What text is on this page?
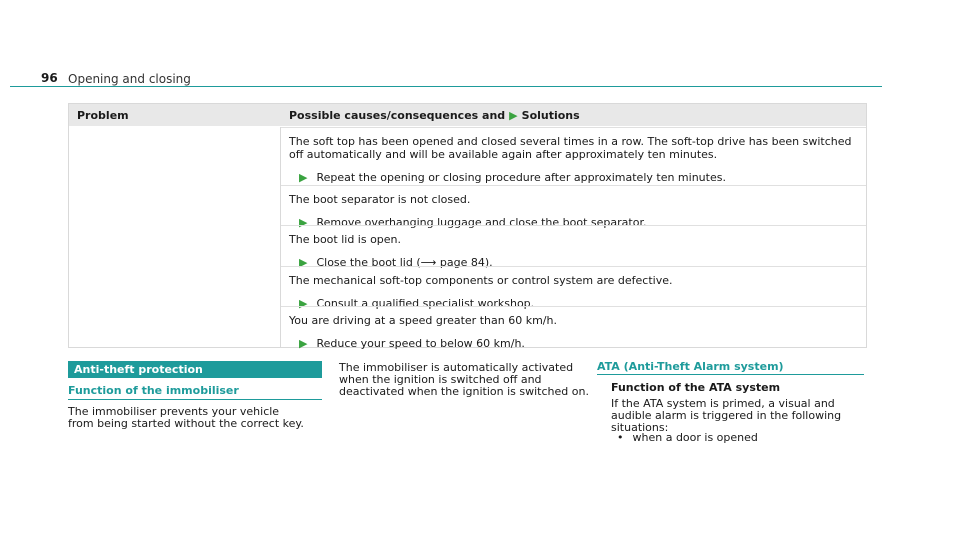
96 Opening and closing
Problem	Possible causes/consequences and ▶ Solutions

The soft top has been opened and closed several times in a row. The soft-top drive has been switched off automatically and will be available again after approximately ten minutes.

▶ Repeat the opening or closing procedure after approximately ten minutes.

The boot separator is not closed.

▶ Remove overhanging luggage and close the boot separator.

The boot lid is open.

▶ Close the boot lid (⟶ page 84).

The mechanical soft-top components or control system are defective.

▶ Consult a qualified specialist workshop.

You are driving at a speed greater than 60 km/h.

▶ Reduce your speed to below 60 km/h.
Anti-theft protection
Function of the immobiliser
The immobiliser prevents your vehicle from being started without the correct key.
The immobiliser is automatically activated when the ignition is switched off and deactivated when the ignition is switched on.
ATA (Anti-Theft Alarm system)
Function of the ATA system
If the ATA system is primed, a visual and audible alarm is triggered in the following situations:
• when a door is opened
